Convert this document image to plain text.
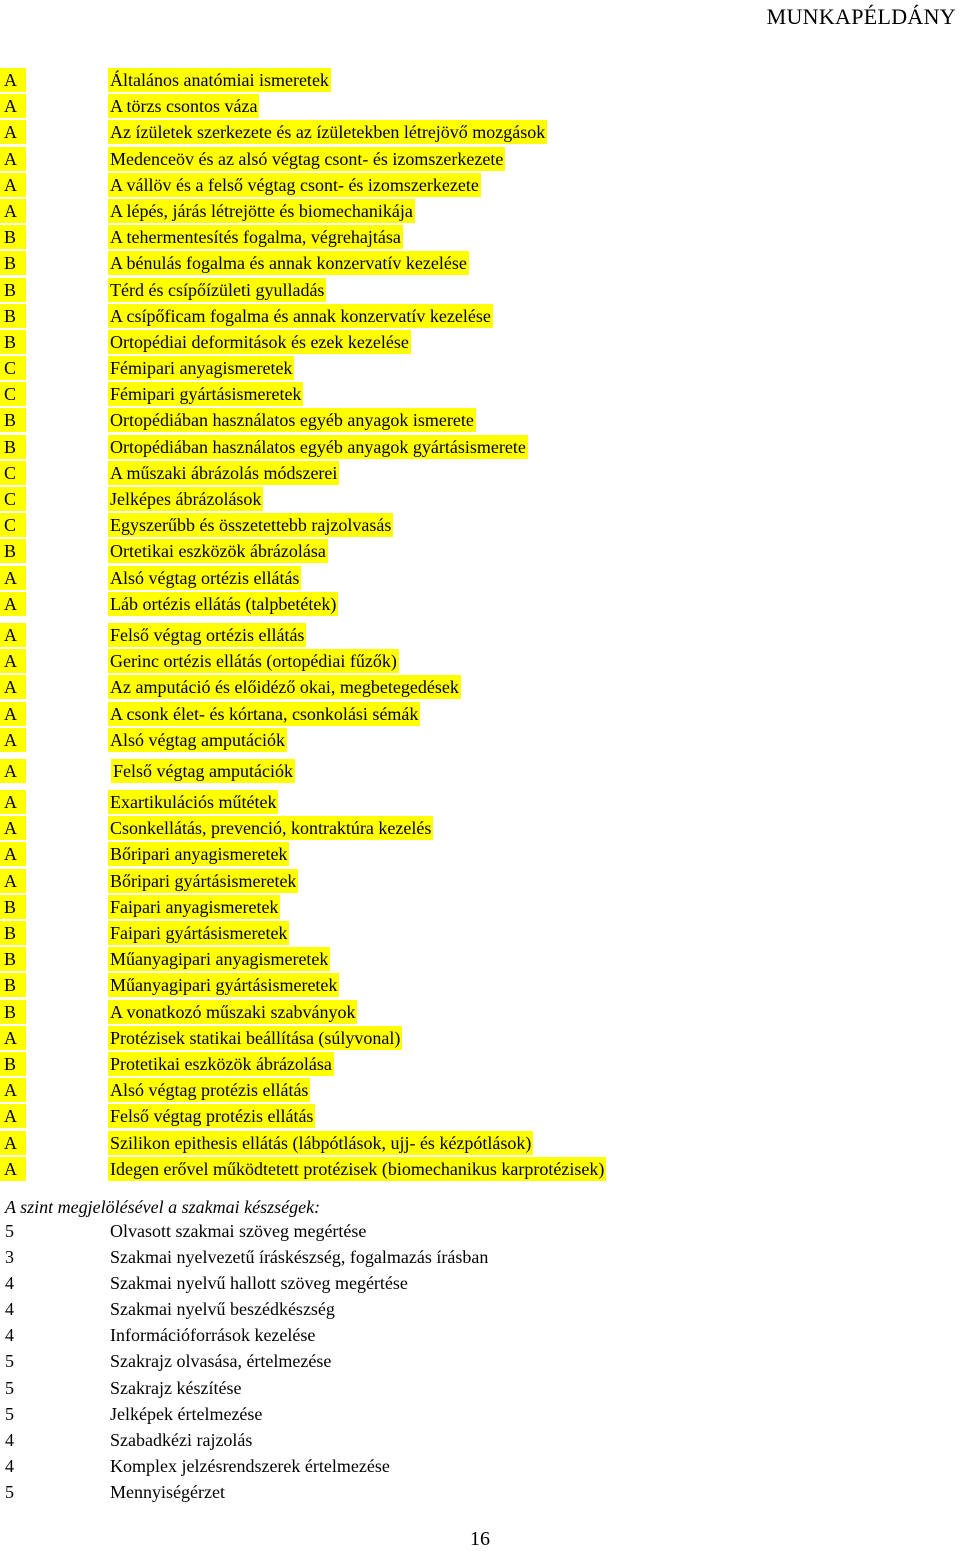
MUNKAPÉLDÁNY
A	Általános anatómiai ismeretek
A	A törzs csontos váza
A	Az ízületek szerkezete és az ízületekben létrejövő mozgások
A	Medenceöv és az alsó végtag csont- és izomszerkezete
A	A vállöv és a felső végtag csont- és izomszerkezete
A	A lépés, járás létrejötte és biomechanikája
B	A tehermentesítés fogalma, végrehajtása
B	A bénulás fogalma és annak konzervatív kezelése
B	Térd és csípőízületi gyulladás
B	A csípőficam fogalma és annak konzervatív kezelése
B	Ortopédiai deformitások és ezek kezelése
C	Fémipari anyagismeretek
C	Fémipari gyártásismeretek
B	Ortopédiában használatos egyéb anyagok ismerete
B	Ortopédiában használatos egyéb anyagok gyártásismerete
C	A műszaki ábrázolás módszerei
C	Jelképes ábrázolások
C	Egyszerűbb és összetettebb rajzolvasás
B	Ortetikai eszközök ábrázolása
A	Alsó végtag ortézis ellátás
A	Láb ortézis ellátás (talpbetétek)
A	Felső végtag ortézis ellátás
A	Gerinc ortézis ellátás (ortopédiai fűzők)
A	Az amputáció és előidéző okai, megbetegedések
A	A csonk élet- és kórtana, csonkolási sémák
A	Alsó végtag amputációk
A	Felső végtag amputációk
A	Exartikulációs műtétek
A	Csonkellátás, prevenció, kontraktúra kezelés
A	Bőripari anyagismeretek
A	Bőripari gyártásismeretek
B	Faipari anyagismeretek
B	Faipari gyártásismeretek
B	Műanyagipari anyagismeretek
B	Műanyagipari gyártásismeretek
B	A vonatkozó műszaki szabványok
A	Protézisek statikai beállítása (súlyvonal)
B	Protetikai eszközök ábrázolása
A	Alsó végtag protézis ellátás
A	Felső végtag protézis ellátás
A	Szilikon epithesis ellátás (lábpótlások, ujj- és kézpótlások)
A	Idegen erővel működtetett protézisek (biomechanikus karprotézisek)
A szint megjelölésével a szakmai készségek:
5	Olvasott szakmai szöveg megértése
3	Szakmai nyelvezetű íráskészség, fogalmazás írásban
4	Szakmai nyelvű hallott szöveg megértése
4	Szakmai nyelvű beszédkészség
4	Információforrások kezelése
5	Szakrajz olvasása, értelmezése
5	Szakrajz készítése
5	Jelképek értelmezése
4	Szabadkézi rajzolás
4	Komplex jelzésrendszerek értelmezése
5	Mennyiségérzet
16
